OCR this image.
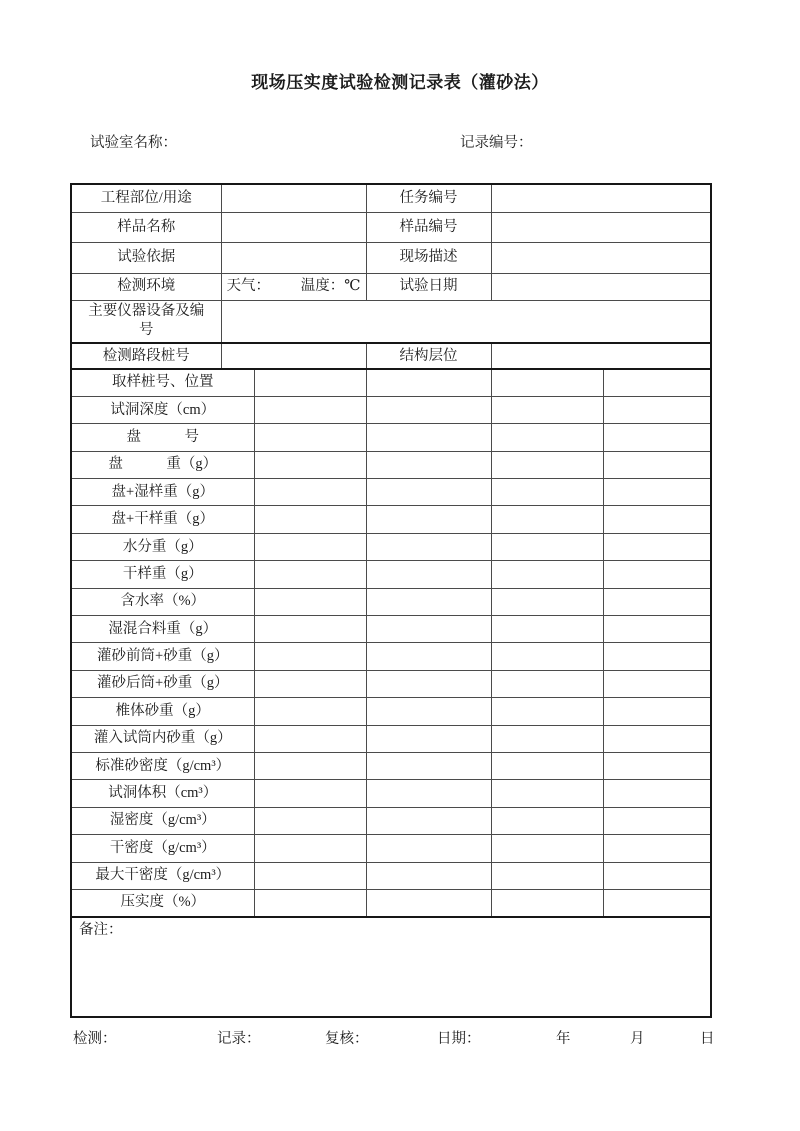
现场压实度试验检测记录表（灌砂法）
试验室名称：	记录编号：
工程部位/用途			任务编号		
样品名称			样品编号		
试验依据			现场描述		
检测环境	天气： 温度：℃		试验日期		
主要仪器设备及编号					
检测路段桩号			结构层位		
取样桩号、位置					
试洞深度（cm）					
盘　　　号					
盘　　　重（g）					
盘+湿样重（g）					
盘+干样重（g）					
水分重（g）					
干样重（g）					
含水率（%）					
湿混合料重（g）					
灌砂前筒+砂重（g）					
灌砂后筒+砂重（g）					
椎体砂重（g）					
灌入试筒内砂重（g）					
标准砂密度（g/cm³）					
试洞体积（cm³）					
湿密度（g/cm³）					
干密度（g/cm³）					
最大干密度（g/cm³）					
压实度（%）					
备注：					
检测：	记录：	复核：	日期：	年	月	日
